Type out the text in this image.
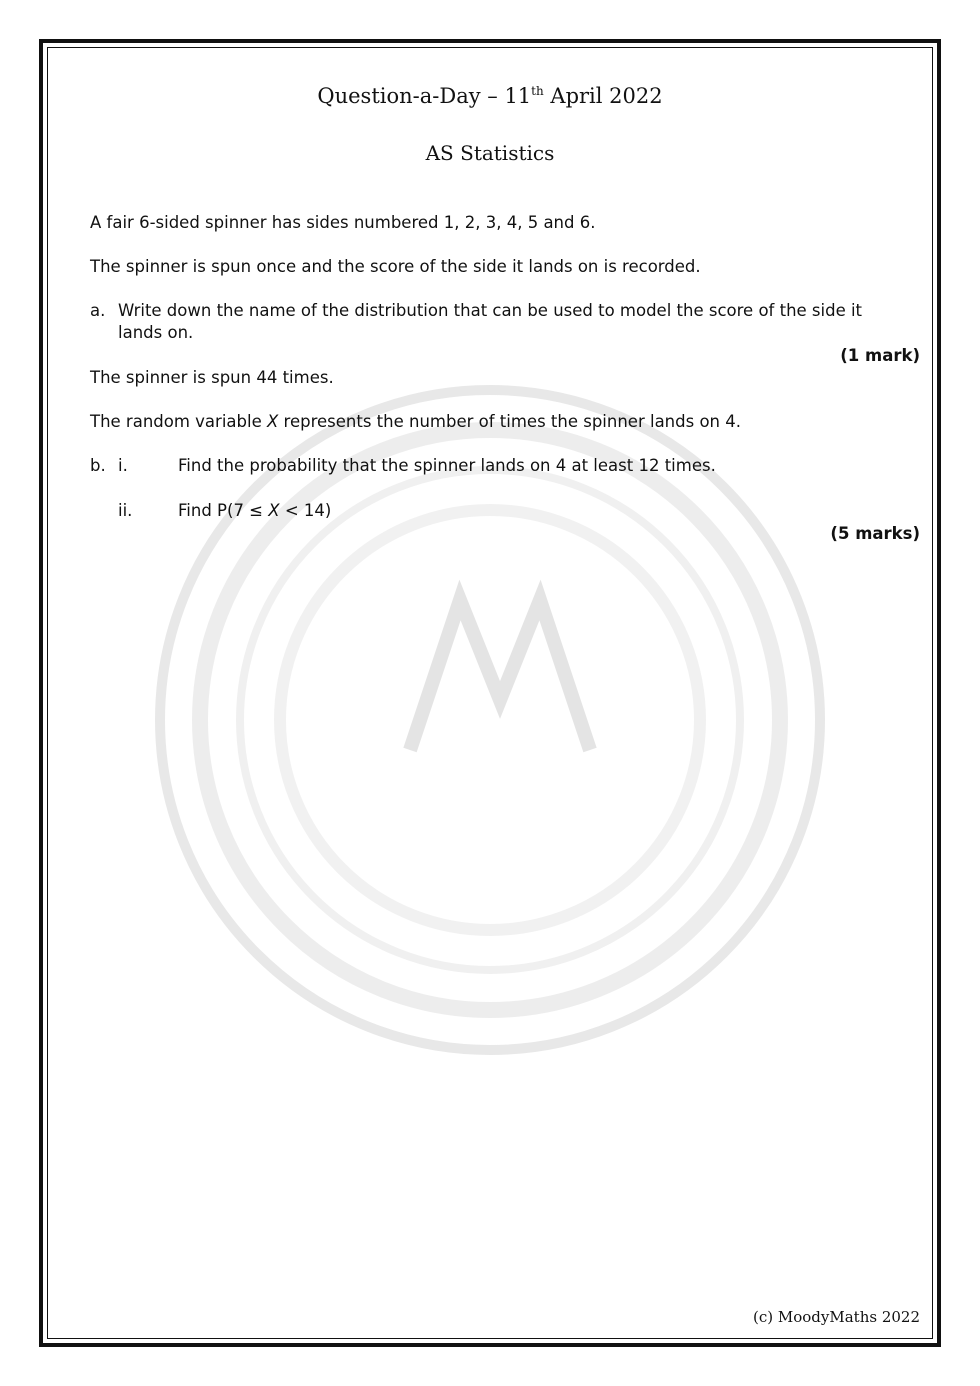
Question-a-Day – 11th April 2022
AS Statistics
A fair 6-sided spinner has sides numbered 1, 2, 3, 4, 5 and 6.
The spinner is spun once and the score of the side it lands on is recorded.
a. Write down the name of the distribution that can be used to model the score of the side it
lands on.
(1 mark)
The spinner is spun 44 times.
The random variable X represents the number of times the spinner lands on 4.
b. i.	Find the probability that the spinner lands on 4 at least 12 times.
ii.	Find P(7 ≤ X < 14)
(5 marks)
(c) MoodyMaths 2022
